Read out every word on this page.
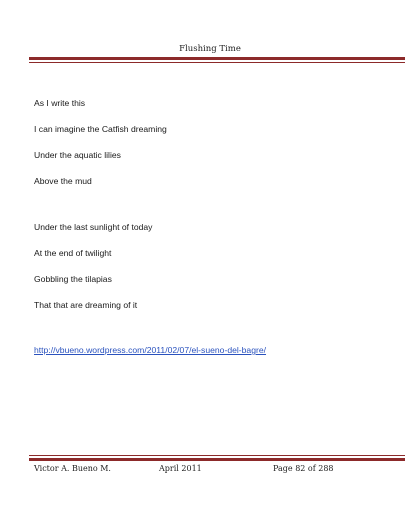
Flushing Time
As I write this
I can imagine the Catfish dreaming
Under the aquatic lilies
Above the mud
Under the last sunlight of today
At the end of twilight
Gobbling the tilapias
That that are dreaming of it
http://vbueno.wordpress.com/2011/02/07/el-sueno-del-bagre/
Victor A. Bueno M.	April 2011	Page 82 of 288
